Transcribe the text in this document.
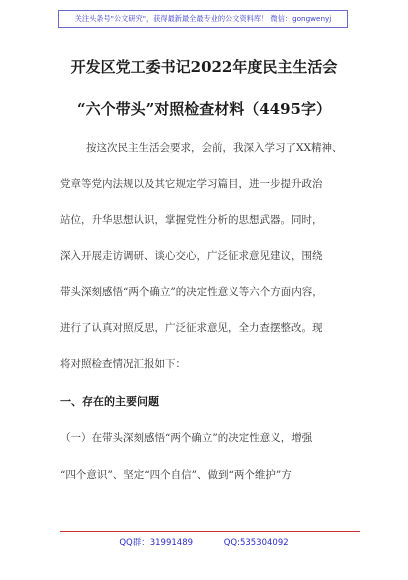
关注头条号"公文研究"，获得最新最全最专业的公文资料库！ 微信：gongwenyj
开发区党工委书记2022年度民主生活会
“六个带头”对照检查材料（4495字）
按这次民主生活会要求，会前，我深入学习了XX精神、
党章等党内法规以及其它规定学习篇目，进一步提升政治
站位，升华思想认识，掌握党性分析的思想武器。同时，
深入开展走访调研、谈心交心，广泛征求意见建议，围绕
带头深刻感悟“两个确立”的决定性意义等六个方面内容，
进行了认真对照反思，广泛征求意见，全力查摆整改。现
将对照检查情况汇报如下：
一、存在的主要问题
（一）在带头深刻感悟“两个确立”的决定性意义，增强
“四个意识”、坚定“四个自信”、做到“两个维护”方
QQ群：31991489	QQ:535304092
